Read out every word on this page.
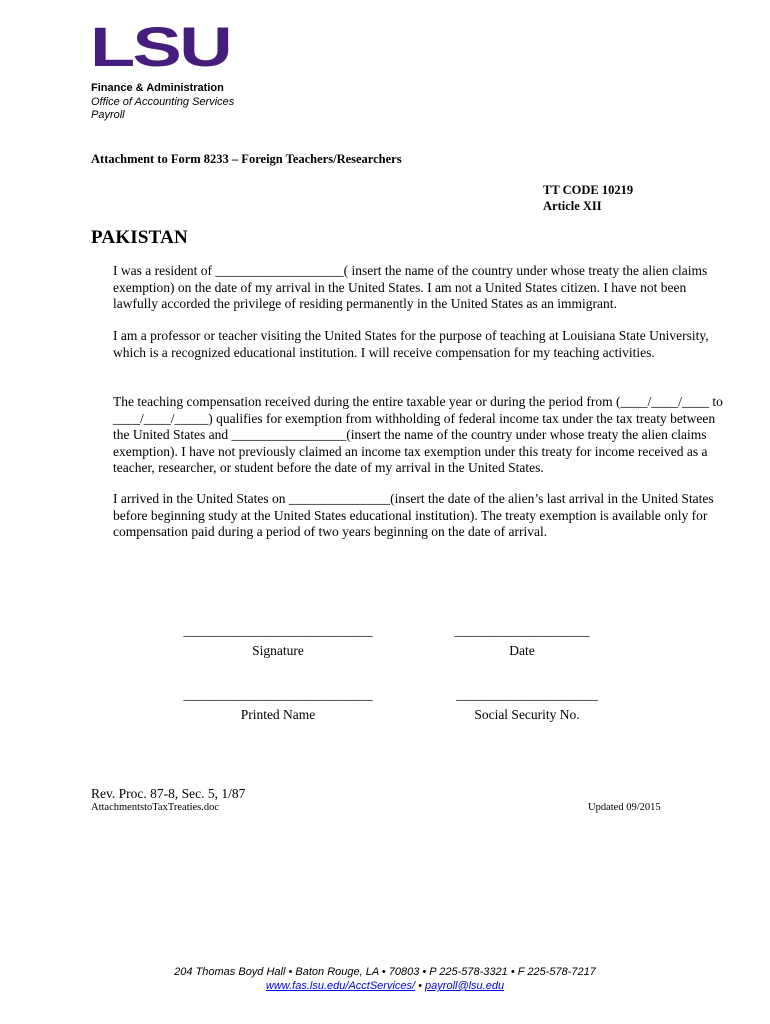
LSU
Finance & Administration
Office of Accounting Services
Payroll
Attachment to Form 8233 – Foreign Teachers/Researchers
TT CODE 10219
Article XII
PAKISTAN

I was a resident of ___________________( insert the name of the country under whose treaty the alien claims exemption) on the date of my arrival in the United States. I am not a United States citizen. I have not been lawfully accorded the privilege of residing permanently in the United States as an immigrant.

I am a professor or teacher visiting the United States for the purpose of teaching at Louisiana State University, which is a recognized educational institution. I will receive compensation for my teaching activities.

The teaching compensation received during the entire taxable year or during the period from (____/____/____ to ____/____/_____) qualifies for exemption from withholding of federal income tax under the tax treaty between the United States and _________________(insert the name of the country under whose treaty the alien claims exemption). I have not previously claimed an income tax exemption under this treaty for income received as a teacher, researcher, or student before the date of my arrival in the United States.

I arrived in the United States on _______________(insert the date of the alien’s last arrival in the United States before beginning study at the United States educational institution). The treaty exemption is available only for compensation paid during a period of two years beginning on the date of arrival.

____________________________
Signature
____________________
Date
____________________________
Printed Name
_____________________
Social Security No.
Rev. Proc. 87-8, Sec. 5, 1/87
AttachmentstoTaxTreaties.doc	Updated 09/2015
204 Thomas Boyd Hall • Baton Rouge, LA • 70803 • P 225-578-3321 • F 225-578-7217
www.fas.lsu.edu/AcctServices/ • payroll@lsu.edu
